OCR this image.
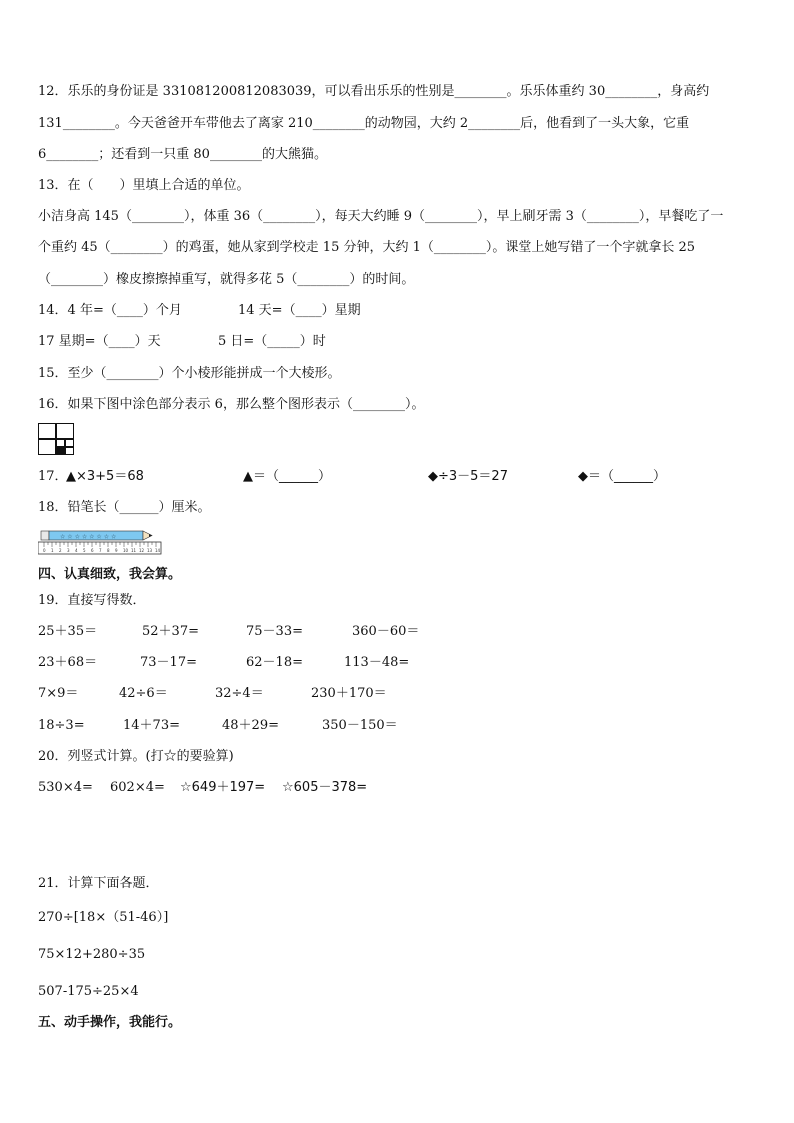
12．乐乐的身份证是 331081200812083039，可以看出乐乐的性别是________。乐乐体重约 30________，身高约
131________。今天爸爸开车带他去了离家 210________的动物园，大约 2________后，他看到了一头大象，它重
6________；还看到一只重 80________的大熊猫。
13．在（　　）里填上合适的单位。
小洁身高 145（________），体重 36（________），每天大约睡 9（________），早上刷牙需 3（________），早餐吃了一
个重约 45（________）的鸡蛋，她从家到学校走 15 分钟，大约 1（________）。课堂上她写错了一个字就拿长 25
（________）橡皮擦擦掉重写，就得多花 5（________）的时间。
14．4 年=（____）个月	14 天=（____）星期
17 星期=（____）天	5 日=（_____）时
15．至少（________）个小棱形能拼成一个大棱形。
16．如果下图中涂色部分表示 6，那么整个图形表示（________）。
17．
▲×3+5＝68	▲＝（______）	◆÷3－5＝27	◆＝（______）
18．铅笔长（______）厘米。
☆ ☆ ☆ ☆ ☆ ☆ ☆ ☆
0 1 2 3 4 5 6 7 8 9 10 11 12 13 14
四、认真细致，我会算。
19．直接写得数．
25＋35＝	52＋37=	75－33=	360－60＝
23＋68＝	73－17=	62－18=	113－48=
7×9＝	42÷6＝	32÷4＝	230＋170＝
18÷3=	14＋73=	48＋29=	350－150＝
20．列竖式计算。(打☆的要验算)
530×4= 602×4= ☆649＋197= ☆605－378=
21．计算下面各题．
270÷[18×（51-46）]
75×12+280÷35
507-175÷25×4
五、动手操作，我能行。
